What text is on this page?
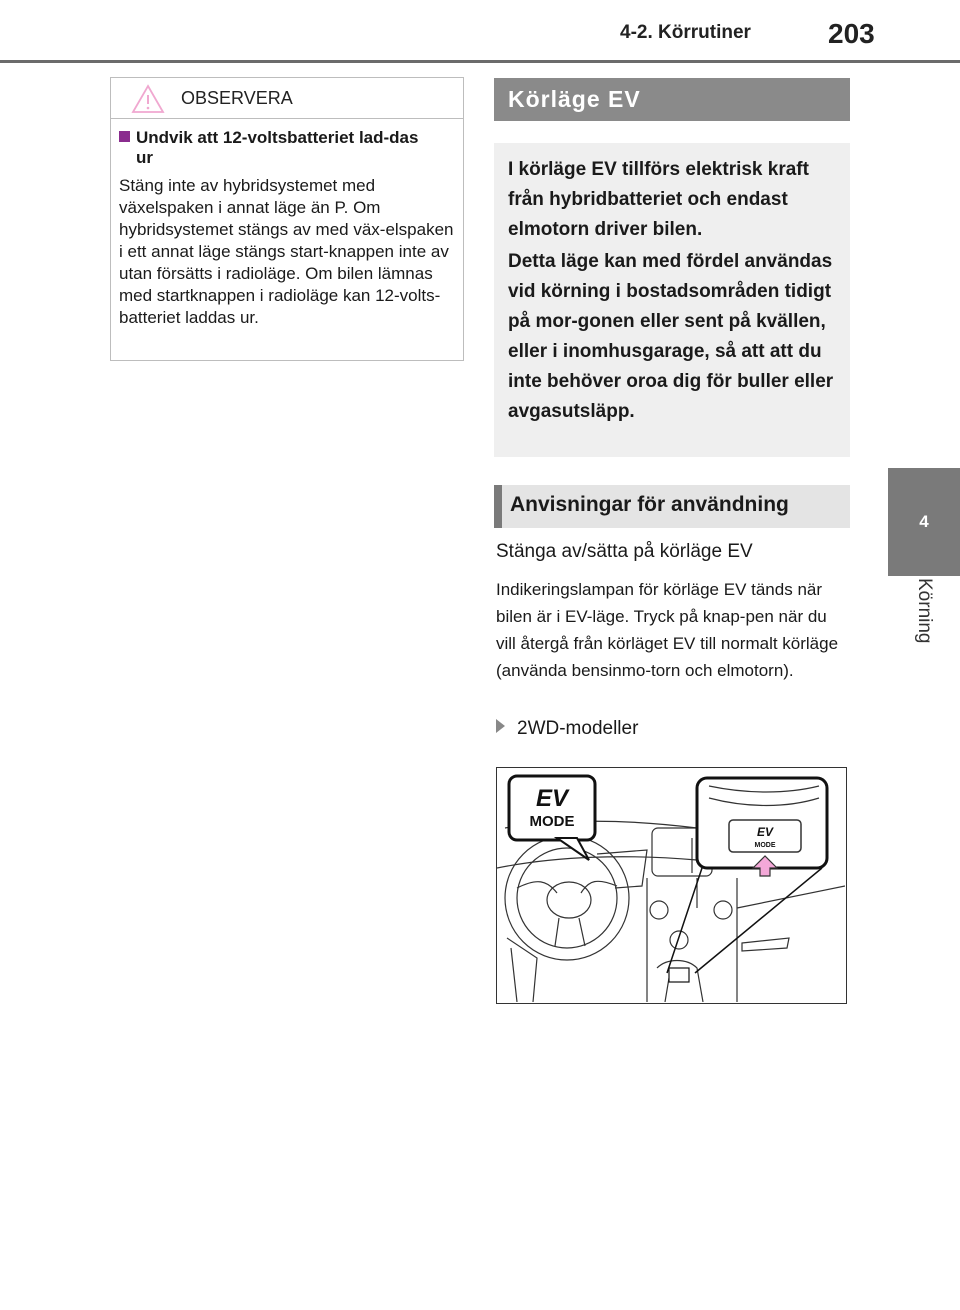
4-2. Körrutiner	203
4
Körning
OBSERVERA
Undvik att 12-voltsbatteriet lad-das ur
Stäng inte av hybridsystemet med växelspaken i annat läge än P. Om hybridsystemet stängs av med väx-elspaken i ett annat läge stängs start-knappen inte av utan försätts i radioläge. Om bilen lämnas med startknappen i radioläge kan 12-volts-batteriet laddas ur.
Körläge EV

I körläge EV tillförs elektrisk kraft från hybridbatteriet och endast elmotorn driver bilen.

Detta läge kan med fördel användas vid körning i bostadsområden tidigt på mor-gonen eller sent på kvällen, eller i inomhusgarage, så att att du inte behöver oroa dig för buller eller avgasutsläpp.

Anvisningar för användning
Stänga av/sätta på körläge EV
Indikeringslampan för körläge EV tänds när bilen är i EV-läge. Tryck på knap-pen när du vill återgå från körläget EV till normalt körläge (använda bensinmo-torn och elmotorn).
2WD-modeller
EV
MODE
EV
MODE
